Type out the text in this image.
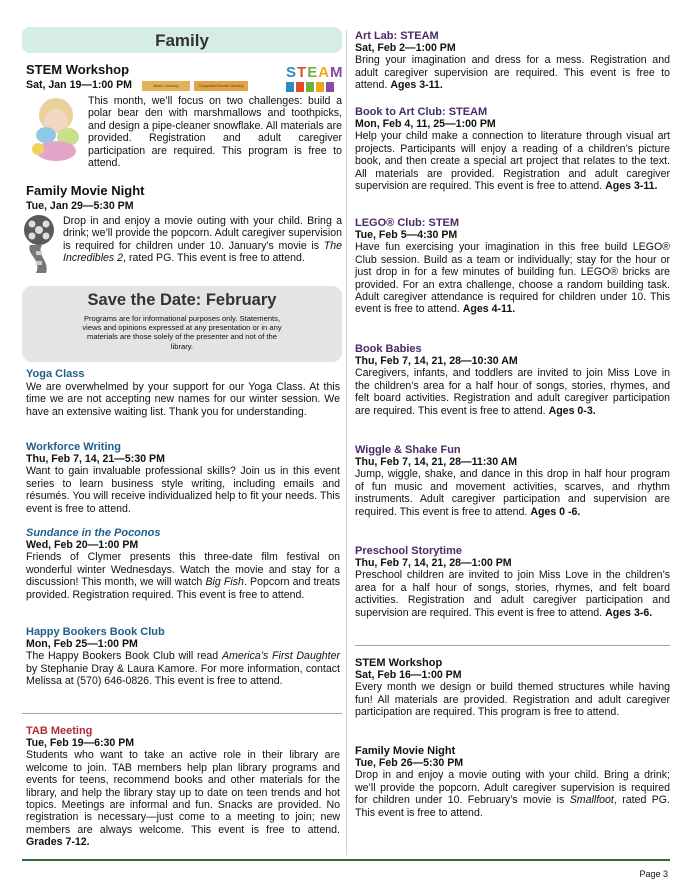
Family
STEM Workshop
Sat, Jan 19—1:00 PM	Basic Literacy	Computer/Social Literacy
STEAM

This month, we’ll focus on two challenges: build a polar bear den with marshmallows and toothpicks, and design a pipe-cleaner snowflake. All materials are provided. Registration and adult caregiver participation are required. This program is free to attend.

Family Movie Night
Tue, Jan 29—5:30 PM

Drop in and enjoy a movie outing with your child. Bring a drink; we’ll provide the popcorn. Adult caregiver supervision is required for children under 10. January’s movie is The Incredibles 2, rated PG. This event is free to attend.

Save the Date: February
Programs are for informational purposes only. Statements, views and opinions expressed at any presentation or in any materials are those solely of the presenter and not of the library.
Yoga Class

We are overwhelmed by your support for our Yoga Class. At this time we are not accepting new names for our winter session. We have an extensive waiting list. Thank you for understanding.

Workforce Writing
Thu, Feb 7, 14, 21—5:30 PM

Want to gain invaluable professional skills? Join us in this event series to learn business style writing, including emails and résumés. You will receive individualized help to fit your needs. This event is free to attend.

Sundance in the Poconos
Wed, Feb 20—1:00 PM

Friends of Clymer presents this three-date film festival on wonderful winter Wednesdays. Watch the movie and stay for a discussion! This month, we will watch Big Fish. Popcorn and treats provided. Registration required. This event is free to attend.

Happy Bookers Book Club
Mon, Feb 25—1:00 PM

The Happy Bookers Book Club will read America’s First Daughter by Stephanie Dray & Laura Kamore. For more information, contact Melissa at (570) 646-0826. This event is free to attend.

TAB Meeting
Tue, Feb 19—6:30 PM

Students who want to take an active role in their library are welcome to join. TAB members help plan library programs and events for teens, recommend books and other materials for the library, and help the library stay up to date on teen trends and hot topics. Meetings are informal and fun. Snacks are provided. No registration is necessary—just come to a meeting to join; new members are always welcome. This event is free to attend. Grades 7-12.

Art Lab: STEAM
Sat, Feb 2—1:00 PM

Bring your imagination and dress for a mess. Registration and adult caregiver supervision are required. This event is free to attend. Ages 3-11.

Book to Art Club: STEAM
Mon, Feb 4, 11, 25—1:00 PM

Help your child make a connection to literature through visual art projects. Participants will enjoy a reading of a children’s picture book, and then create a special art project that relates to the text. All materials are provided. Registration and adult caregiver supervision are required. This event is free to attend. Ages 3-11.

LEGO® Club: STEM
Tue, Feb 5—4:30 PM

Have fun exercising your imagination in this free build LEGO® Club session. Build as a team or individually; stay for the hour or just drop in for a few minutes of building fun. LEGO® bricks are provided. For an extra challenge, choose a random building task. Adult caregiver attendance is required for children under 10. This event is free to attend. Ages 4-11.

Book Babies
Thu, Feb 7, 14, 21, 28—10:30 AM

Caregivers, infants, and toddlers are invited to join Miss Love in the children’s area for a half hour of songs, stories, rhymes, and felt board activities. Registration and adult caregiver participation are required. This event is free to attend. Ages 0-3.

Wiggle & Shake Fun
Thu, Feb 7, 14, 21, 28—11:30 AM

Jump, wiggle, shake, and dance in this drop in half hour program of fun music and movement activities, scarves, and rhythm instruments. Adult caregiver participation and supervision are required. This event is free to attend. Ages 0 -6.

Preschool Storytime
Thu, Feb 7, 14, 21, 28—1:00 PM

Preschool children are invited to join Miss Love in the children’s area for a half hour of songs, stories, rhymes, and felt board activities. Registration and adult caregiver participation and supervision are required. This event is free to attend. Ages 3-6.

STEM Workshop
Sat, Feb 16—1:00 PM

Every month we design or build themed structures while having fun! All materials are provided. Registration and adult caregiver participation are required. This program is free to attend.

Family Movie Night
Tue, Feb 26—5:30 PM

Drop in and enjoy a movie outing with your child. Bring a drink; we’ll provide the popcorn. Adult caregiver supervision is required for children under 10. February’s movie is Smallfoot, rated PG. This event is free to attend.

Page 3
